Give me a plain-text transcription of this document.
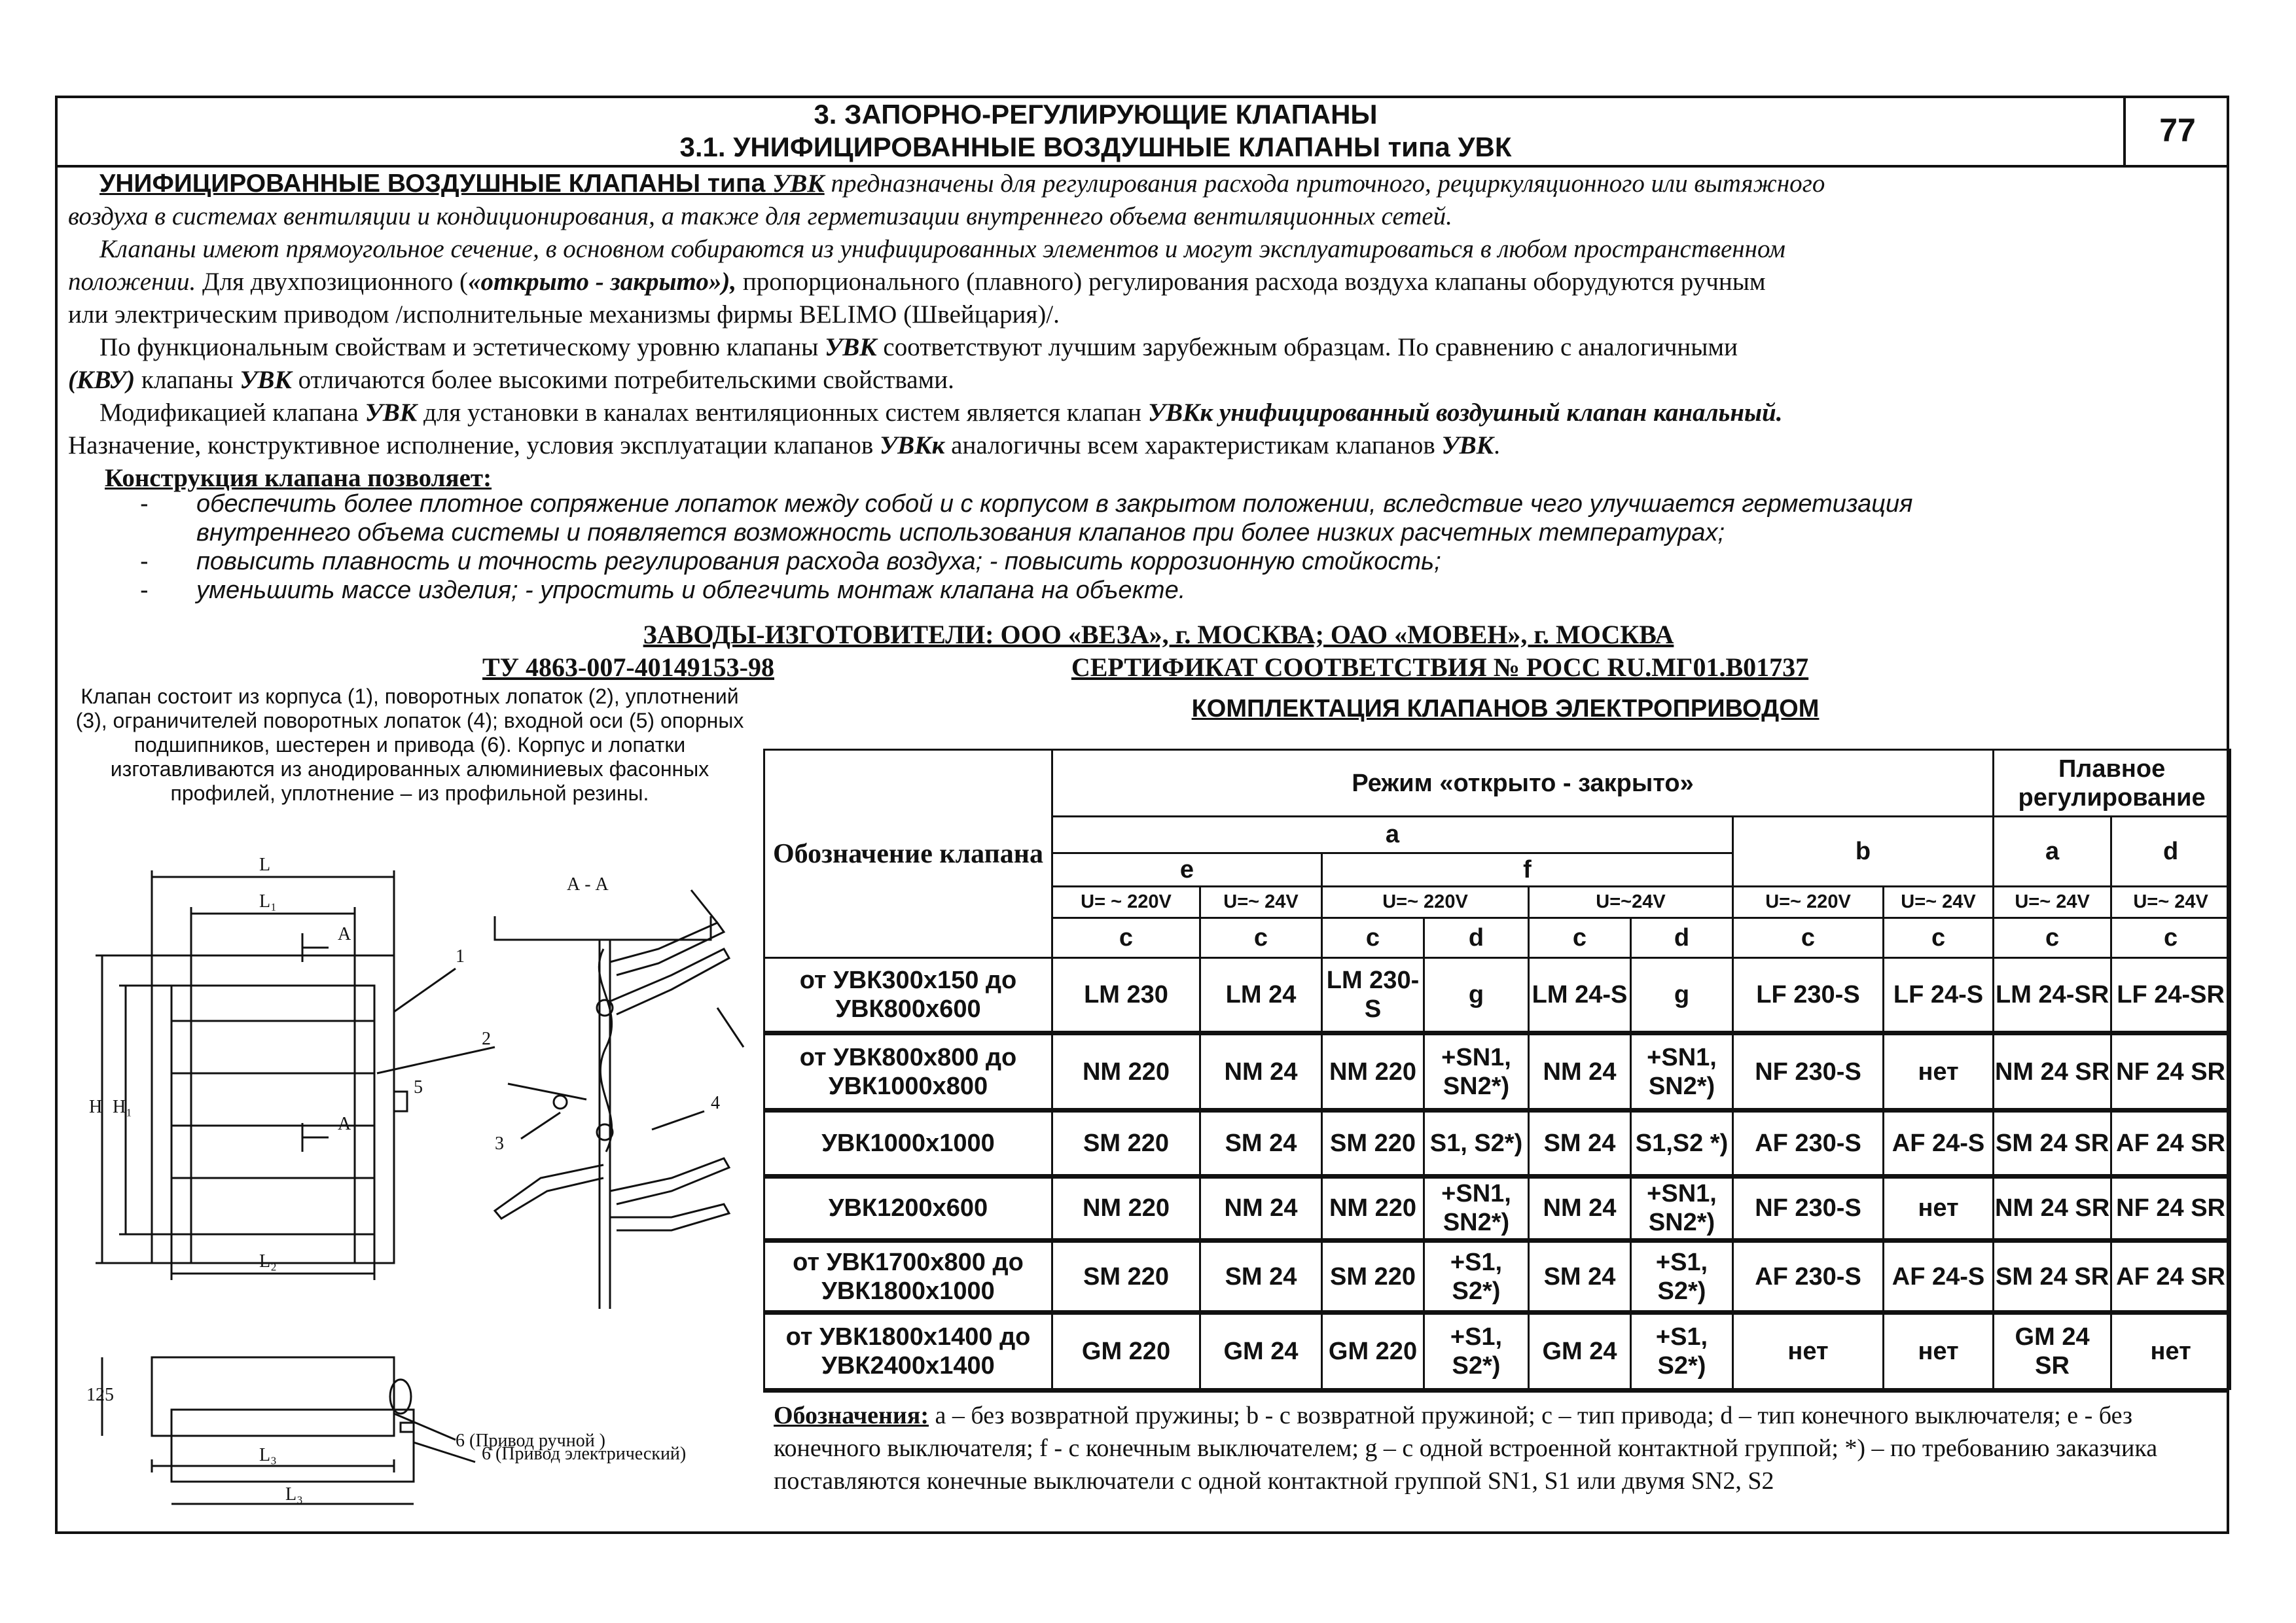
3. ЗАПОРНО-РЕГУЛИРУЮЩИЕ КЛАПАНЫ
3.1. УНИФИЦИРОВАННЫЕ ВОЗДУШНЫЕ КЛАПАНЫ типа УВК	77
УНИФИЦИРОВАННЫЕ ВОЗДУШНЫЕ КЛАПАНЫ типа УВК предназначены для регулирования расхода приточного, рециркуляционного или вытяжного
воздуха в системах вентиляции и кондиционирования, а также для герметизации внутреннего объема вентиляционных сетей.
Клапаны имеют прямоугольное сечение, в основном собираются из унифицированных элементов и могут эксплуатироваться в любом пространственном
положении. Для двухпозиционного («открыто - закрыто»), пропорционального (плавного) регулирования расхода воздуха клапаны оборудуются ручным
или электрическим приводом /исполнительные механизмы фирмы BELIMO (Швейцария)/.
По функциональным свойствам и эстетическому уровню клапаны УВК соответствуют лучшим зарубежным образцам. По сравнению с аналогичными
(КВУ) клапаны УВК отличаются более высокими потребительскими свойствами.
Модификацией клапана УВК для установки в каналах вентиляционных систем является клапан УВКк унифицированный воздушный клапан канальный.
Назначение, конструктивное исполнение, условия эксплуатации клапанов УВКк аналогичны всем характеристикам клапанов УВК.
Конструкция клапана позволяет:
- обеспечить более плотное сопряжение лопаток между собой и с корпусом в закрытом положении, вследствие чего улучшается герметизация
внутреннего объема системы и появляется возможность использования клапанов при более низких расчетных температурах;
- повысить плавность и точность регулирования расхода воздуха; - повысить коррозионную стойкость;
- уменьшить массе изделия; - упростить и облегчить монтаж клапана на объекте.
ЗАВОДЫ-ИЗГОТОВИТЕЛИ: ООО «ВЕЗА», г. МОСКВА; ОАО «МОВЕН», г. МОСКВА
ТУ 4863-007-40149153-98	СЕРТИФИКАТ СООТВЕТСТВИЯ № РОСС RU.МГ01.В01737
КОМПЛЕКТАЦИЯ КЛАПАНОВ ЭЛЕКТРОПРИВОДОМ
Клапан состоит из корпуса (1), поворотных лопаток (2), уплотнений (3), ограничителей поворотных лопаток (4); входной оси (5) опорных подшипников, шестерен и привода (6). Корпус и лопатки изготавливаются из анодированных алюминиевых фасонных профилей, уплотнение – из профильной резины.
L
L₁
L₂
H H₁
A
A
А - А
1
2
3
4
5
125
L₃
6 (Привод ручной )
L₃
6 (Привод электрический)
Обозначение клапана	Режим «открыто - закрыто»								Плавное регулирование	
	a						b		a	d
	e		f							
	U= ~ 220V	U=~ 24V	U=~ 220V		U=~24V		U=~ 220V	U=~ 24V	U=~ 24V	U=~ 24V
	c	c	c	d	c	d	c	c	c	c
от УВК300x150 до УВК800x600	LM 230	LM 24	LM 230-S	g	LM 24-S	g	LF 230-S	LF 24-S	LM 24-SR	LF 24-SR
от УВК800x800 до УВК1000x800	NM 220	NM 24	NM 220	+SN1, SN2*)	NM 24	+SN1, SN2*)	NF 230-S	нет	NM 24 SR	NF 24 SR
УВК1000x1000	SM 220	SM 24	SM 220	S1, S2*)	SM 24	S1,S2 *)	AF 230-S	AF 24-S	SM 24 SR	AF 24 SR
УВК1200x600	NM 220	NM 24	NM 220	+SN1, SN2*)	NM 24	+SN1, SN2*)	NF 230-S	нет	NM 24 SR	NF 24 SR
от УВК1700x800 до УВК1800x1000	SM 220	SM 24	SM 220	+S1, S2*)	SM 24	+S1, S2*)	AF 230-S	AF 24-S	SM 24 SR	AF 24 SR
от УВК1800x1400 до УВК2400x1400	GM 220	GM 24	GM 220	+S1, S2*)	GM 24	+S1, S2*)	нет	нет	GM 24 SR	нет
Обозначения: a – без возвратной пружины; b - с возвратной пружиной; c – тип привода; d – тип конечного выключателя; e - без конечного выключателя; f - с конечным выключателем; g – с одной встроенной контактной группой; *) – по требованию заказчика поставляются конечные выключатели с одной контактной группой SN1, S1 или двумя SN2, S2
